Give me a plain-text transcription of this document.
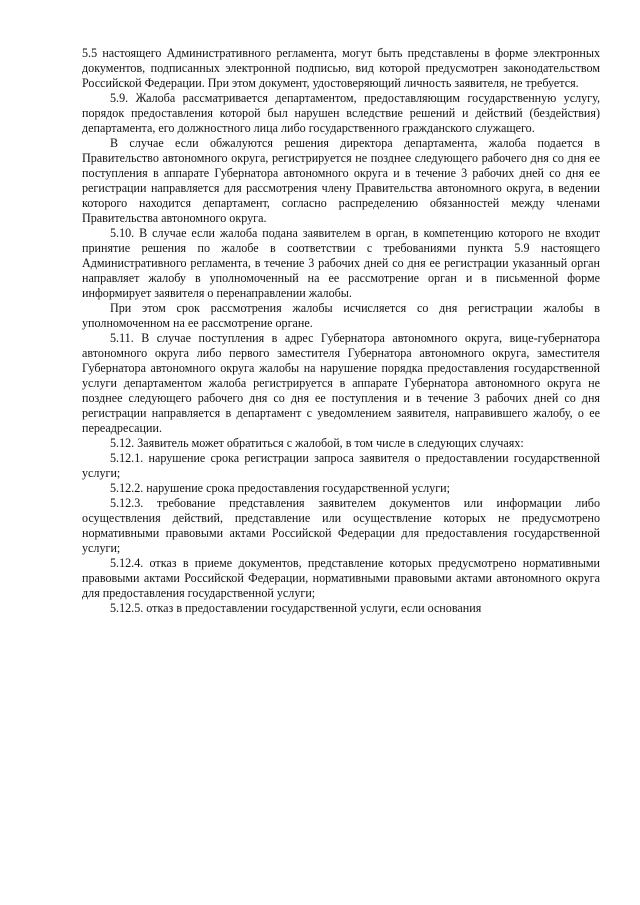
5.5 настоящего Административного регламента, могут быть представлены в форме электронных документов, подписанных электронной подписью, вид которой предусмотрен законодательством Российской Федерации. При этом документ, удостоверяющий личность заявителя, не требуется.

5.9. Жалоба рассматривается департаментом, предоставляющим государственную услугу, порядок предоставления которой был нарушен вследствие решений и действий (бездействия) департамента, его должностного лица либо государственного гражданского служащего.

В случае если обжалуются решения директора департамента, жалоба подается в Правительство автономного округа, регистрируется не позднее следующего рабочего дня со дня ее поступления в аппарате Губернатора автономного округа и в течение 3 рабочих дней со дня ее регистрации направляется для рассмотрения члену Правительства автономного округа, в ведении которого находится департамент, согласно распределению обязанностей между членами Правительства автономного округа.

5.10. В случае если жалоба подана заявителем в орган, в компетенцию которого не входит принятие решения по жалобе в соответствии с требованиями пункта 5.9 настоящего Административного регламента, в течение 3 рабочих дней со дня ее регистрации указанный орган направляет жалобу в уполномоченный на ее рассмотрение орган и в письменной форме информирует заявителя о перенаправлении жалобы.

При этом срок рассмотрения жалобы исчисляется со дня регистрации жалобы в уполномоченном на ее рассмотрение органе.

5.11. В случае поступления в адрес Губернатора автономного округа, вице-губернатора автономного округа либо первого заместителя Губернатора автономного округа, заместителя Губернатора автономного округа жалобы на нарушение порядка предоставления государственной услуги департаментом жалоба регистрируется в аппарате Губернатора автономного округа не позднее следующего рабочего дня со дня ее поступления и в течение 3 рабочих дней со дня регистрации направляется в департамент с уведомлением заявителя, направившего жалобу, о ее переадресации.

5.12. Заявитель может обратиться с жалобой, в том числе в следующих случаях:

5.12.1. нарушение срока регистрации запроса заявителя о предоставлении государственной услуги;

5.12.2. нарушение срока предоставления государственной услуги;

5.12.3. требование представления заявителем документов или информации либо осуществления действий, представление или осуществление которых не предусмотрено нормативными правовыми актами Российской Федерации для предоставления государственной услуги;

5.12.4. отказ в приеме документов, представление которых предусмотрено нормативными правовыми актами Российской Федерации, нормативными правовыми актами автономного округа для предоставления государственной услуги;

5.12.5. отказ в предоставлении государственной услуги, если основания
